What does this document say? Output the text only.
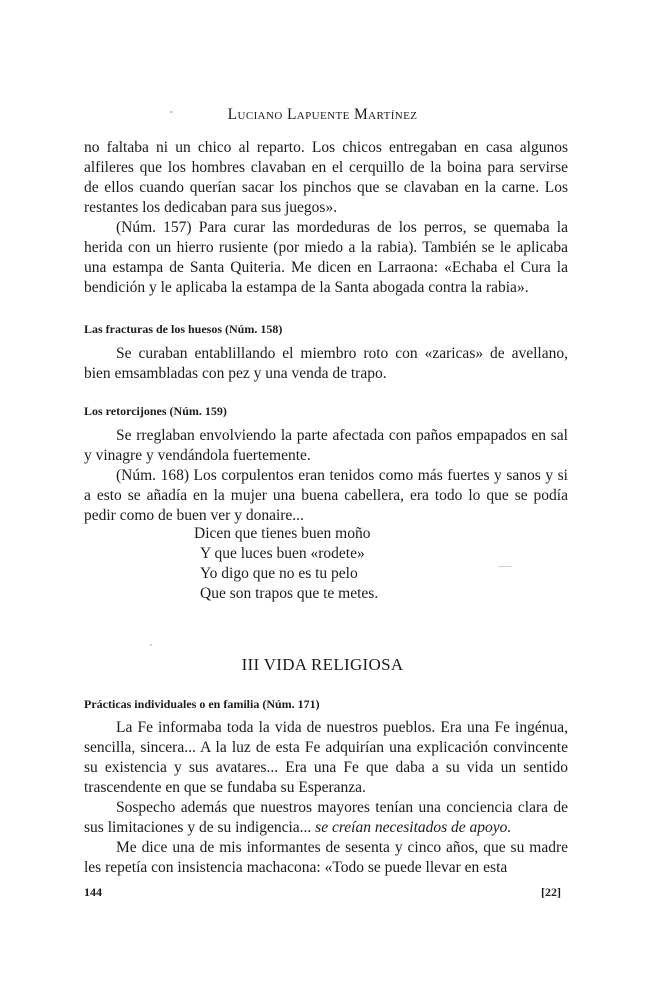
Luciano Lapuente Martínez
no faltaba ni un chico al reparto. Los chicos entregaban en casa algunos
alfileres que los hombres clavaban en el cerquillo de la boina para servirse
de ellos cuando querían sacar los pinchos que se clavaban en la carne. Los
restantes los dedicaban para sus juegos».

(Núm. 157) Para curar las mordeduras de los perros, se quemaba la herida con un hierro rusiente (por miedo a la rabia). También se le aplicaba una estampa de Santa Quiteria. Me dicen en Larraona: «Echaba el Cura la bendición y le aplicaba la estampa de la Santa abogada contra la rabia».

Las fracturas de los huesos (Núm. 158)

Se curaban entablillando el miembro roto con «zaricas» de avellano, bien emsambladas con pez y una venda de trapo.

Los retorcijones (Núm. 159)

Se rreglaban envolviendo la parte afectada con paños empapados en sal y vinagre y vendándola fuertemente.

(Núm. 168) Los corpulentos eran tenidos como más fuertes y sanos y si a esto se añadía en la mujer una buena cabellera, era todo lo que se podía pedir como de buen ver y donaire...

Dicen que tienes buen moño
Y que luces buen «rodete»
Yo digo que no es tu pelo
Que son trapos que te metes.
III VIDA RELIGIOSA
Prácticas individuales o en familia (Núm. 171)

La Fe informaba toda la vida de nuestros pueblos. Era una Fe ingénua, sencilla, sincera... A la luz de esta Fe adquirían una explicación convincente su existencia y sus avatares... Era una Fe que daba a su vida un sentido trascendente en que se fundaba su Esperanza.

Sospecho además que nuestros mayores tenían una conciencia clara de sus limitaciones y de su indigencia... se creían necesitados de apoyo.

Me dice una de mis informantes de sesenta y cinco años, que su madre les repetía con insistencia machacona: «Todo se puede llevar en esta

144	[22]
